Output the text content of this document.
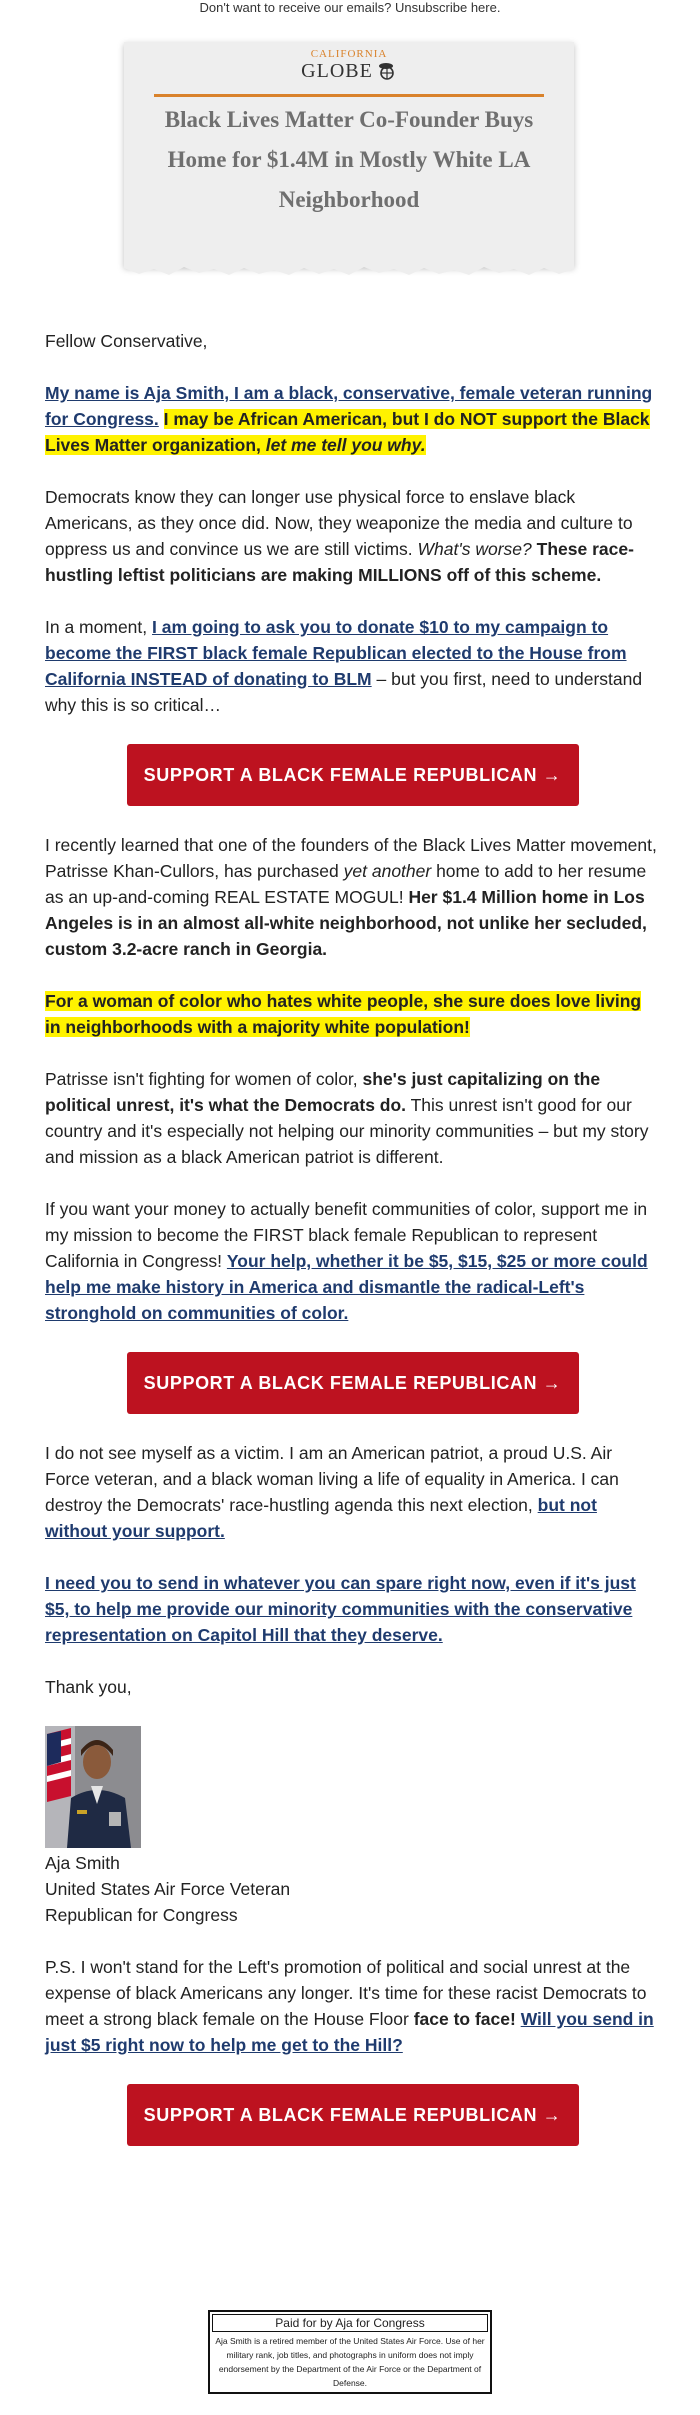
Don't want to receive our emails? Unsubscribe here.
CALIFORNIA
GLOBE
Black Lives Matter Co-Founder Buys Home for $1.4M in Mostly White LA Neighborhood

Fellow Conservative,

My name is Aja Smith, I am a black, conservative, female veteran running for Congress. I may be African American, but I do NOT support the Black Lives Matter organization, let me tell you why.

Democrats know they can longer use physical force to enslave black Americans, as they once did. Now, they weaponize the media and culture to oppress us and convince us we are still victims. What's worse? These race-hustling leftist politicians are making MILLIONS off of this scheme.

In a moment, I am going to ask you to donate $10 to my campaign to become the FIRST black female Republican elected to the House from California INSTEAD of donating to BLM – but you first, need to understand why this is so critical…

SUPPORT A BLACK FEMALE REPUBLICAN →

I recently learned that one of the founders of the Black Lives Matter movement, Patrisse Khan-Cullors, has purchased yet another home to add to her resume as an up-and-coming REAL ESTATE MOGUL! Her $1.4 Million home in Los Angeles is in an almost all-white neighborhood, not unlike her secluded, custom 3.2-acre ranch in Georgia.

For a woman of color who hates white people, she sure does love living in neighborhoods with a majority white population!

Patrisse isn't fighting for women of color, she's just capitalizing on the political unrest, it's what the Democrats do. This unrest isn't good for our country and it's especially not helping our minority communities – but my story and mission as a black American patriot is different.

If you want your money to actually benefit communities of color, support me in my mission to become the FIRST black female Republican to represent California in Congress! Your help, whether it be $5, $15, $25 or more could help me make history in America and dismantle the radical-Left's stronghold on communities of color.

SUPPORT A BLACK FEMALE REPUBLICAN →

I do not see myself as a victim. I am an American patriot, a proud U.S. Air Force veteran, and a black woman living a life of equality in America. I can destroy the Democrats' race-hustling agenda this next election, but not without your support.

I need you to send in whatever you can spare right now, even if it's just $5, to help me provide our minority communities with the conservative representation on Capitol Hill that they deserve.

Thank you,

Aja Smith
United States Air Force Veteran
Republican for Congress

P.S. I won't stand for the Left's promotion of political and social unrest at the expense of black Americans any longer. It's time for these racist Democrats to meet a strong black female on the House Floor face to face! Will you send in just $5 right now to help me get to the Hill?

SUPPORT A BLACK FEMALE REPUBLICAN →
Paid for by Aja for Congress
Aja Smith is a retired member of the United States Air Force. Use of her military rank, job titles, and photographs in uniform does not imply endorsement by the Department of the Air Force or the Department of Defense.
